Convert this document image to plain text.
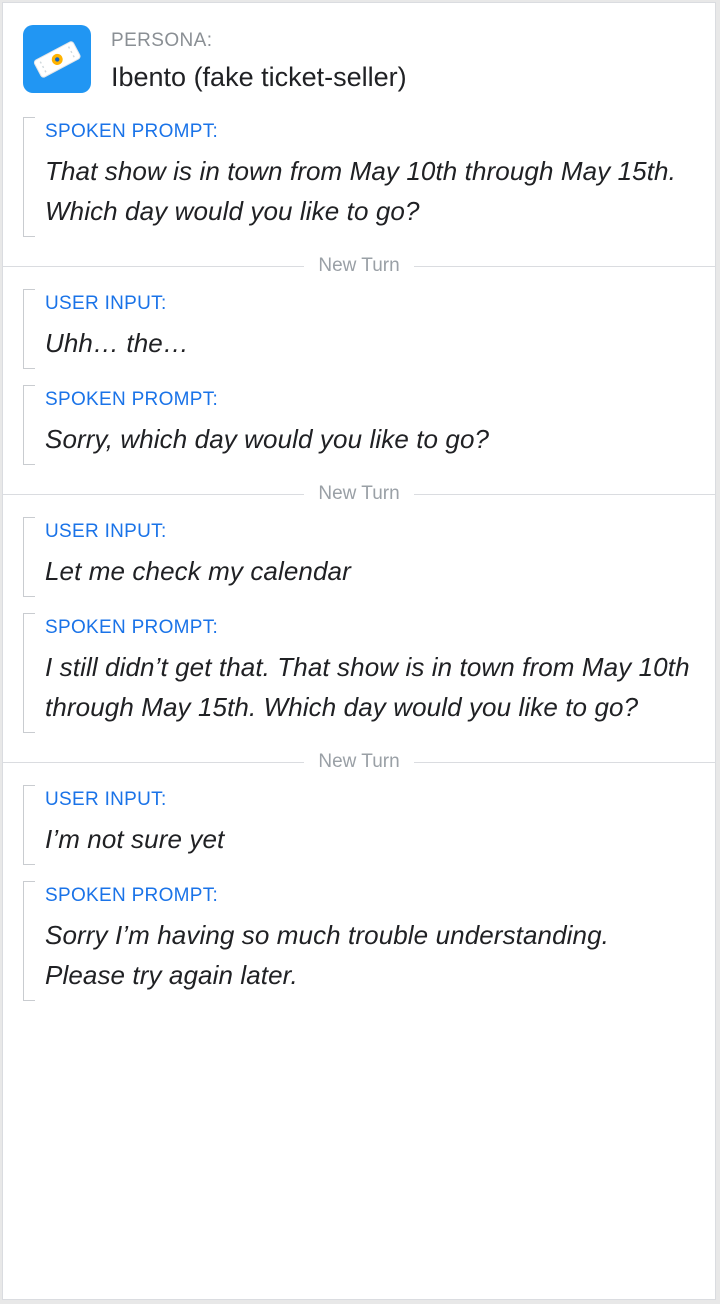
PERSONA:
Ibento (fake ticket-seller)
SPOKEN PROMPT:
That show is in town from May 10th through May 15th. Which day would you like to go?
New Turn
USER INPUT:
Uhh… the…
SPOKEN PROMPT:
Sorry, which day would you like to go?
New Turn
USER INPUT:
Let me check my calendar
SPOKEN PROMPT:
I still didn’t get that. That show is in town from May 10th through May 15th. Which day would you like to go?
New Turn
USER INPUT:
I’m not sure yet
SPOKEN PROMPT:
Sorry I’m having so much trouble understanding. Please try again later.
